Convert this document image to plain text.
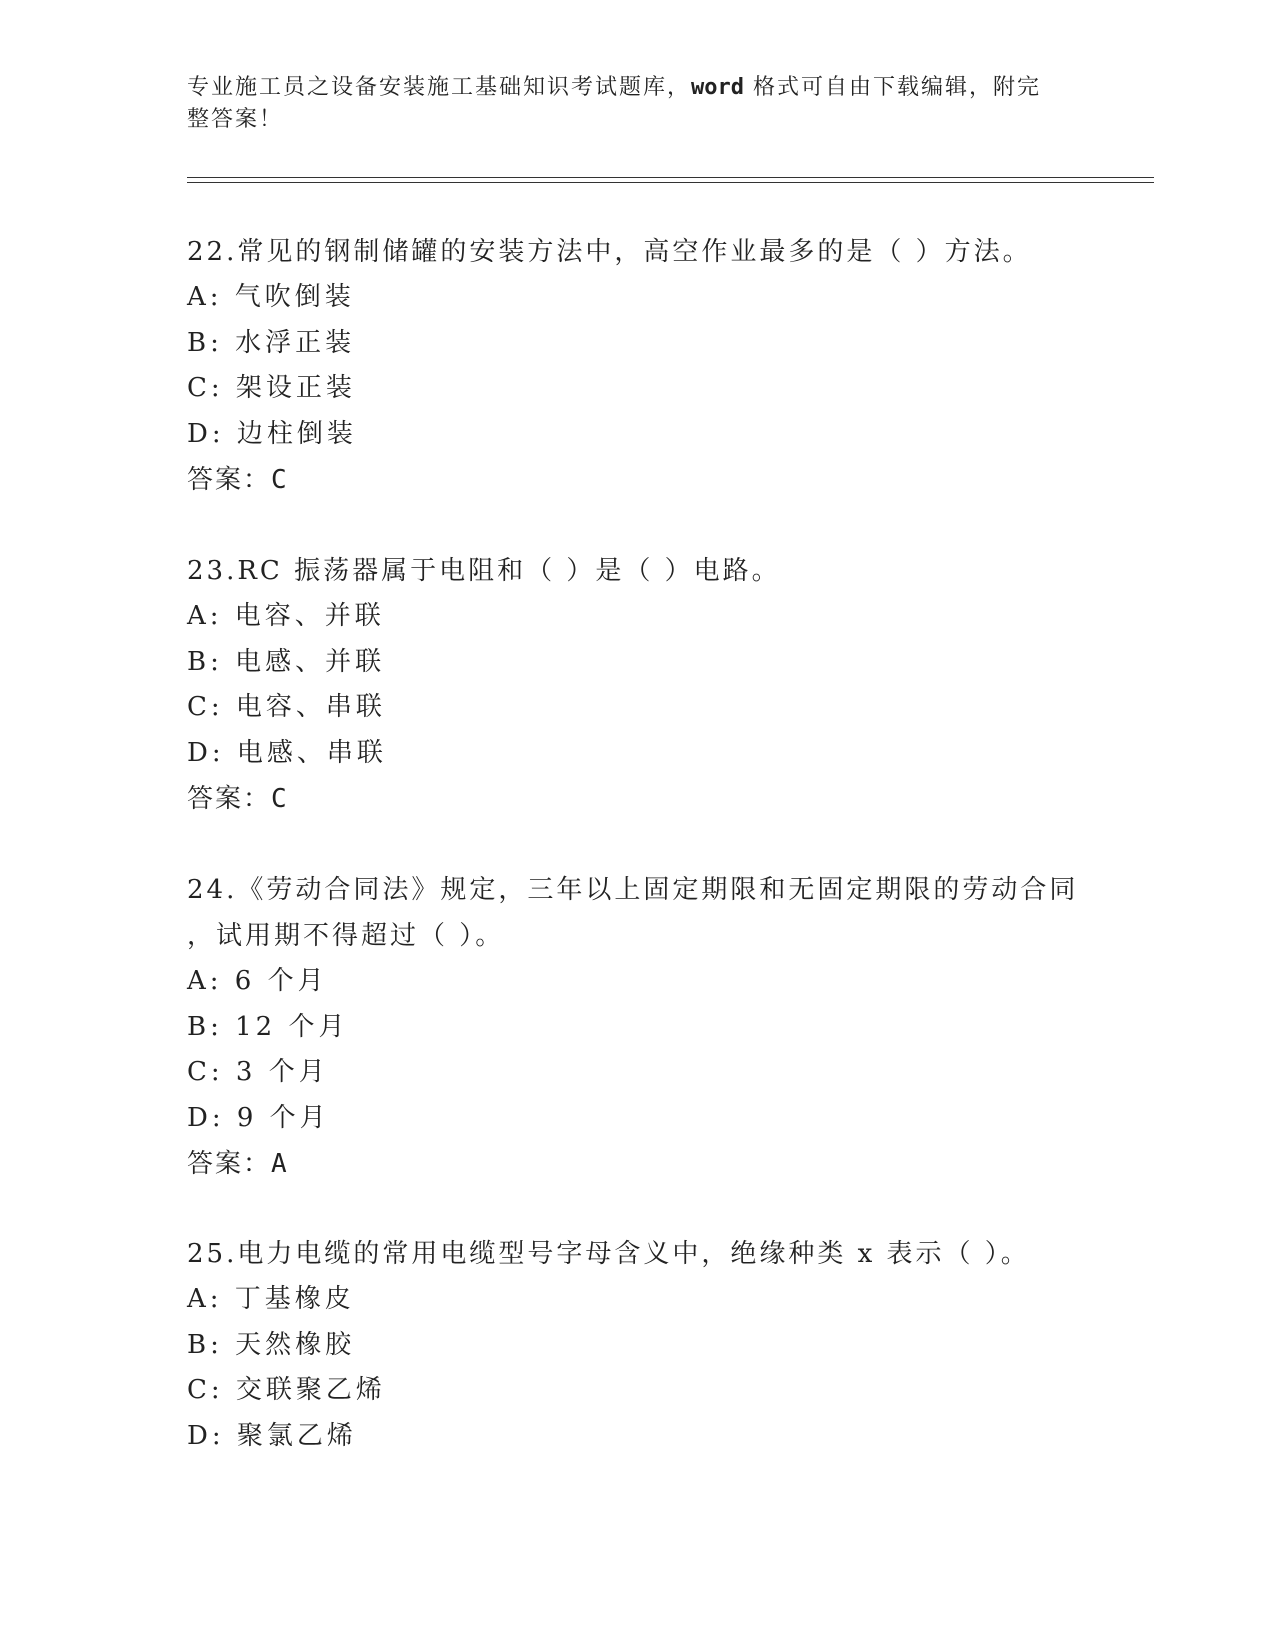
专业施工员之设备安装施工基础知识考试题库，word 格式可自由下载编辑，附完
整答案！

22.常见的钢制储罐的安装方法中，高空作业最多的是（ ）方法。

A: 气吹倒装

B: 水浮正装

C: 架设正装

D: 边柱倒装

答案：C

23.RC 振荡器属于电阻和（ ）是（ ）电路。

A: 电容、并联

B: 电感、并联

C: 电容、串联

D: 电感、串联

答案：C

24.《劳动合同法》规定，三年以上固定期限和无固定期限的劳动合同

，试用期不得超过（ ）。

A: 6 个月

B: 12 个月

C: 3 个月

D: 9 个月

答案：A

25.电力电缆的常用电缆型号字母含义中，绝缘种类 x 表示（ ）。

A: 丁基橡皮

B: 天然橡胶

C: 交联聚乙烯

D: 聚氯乙烯
